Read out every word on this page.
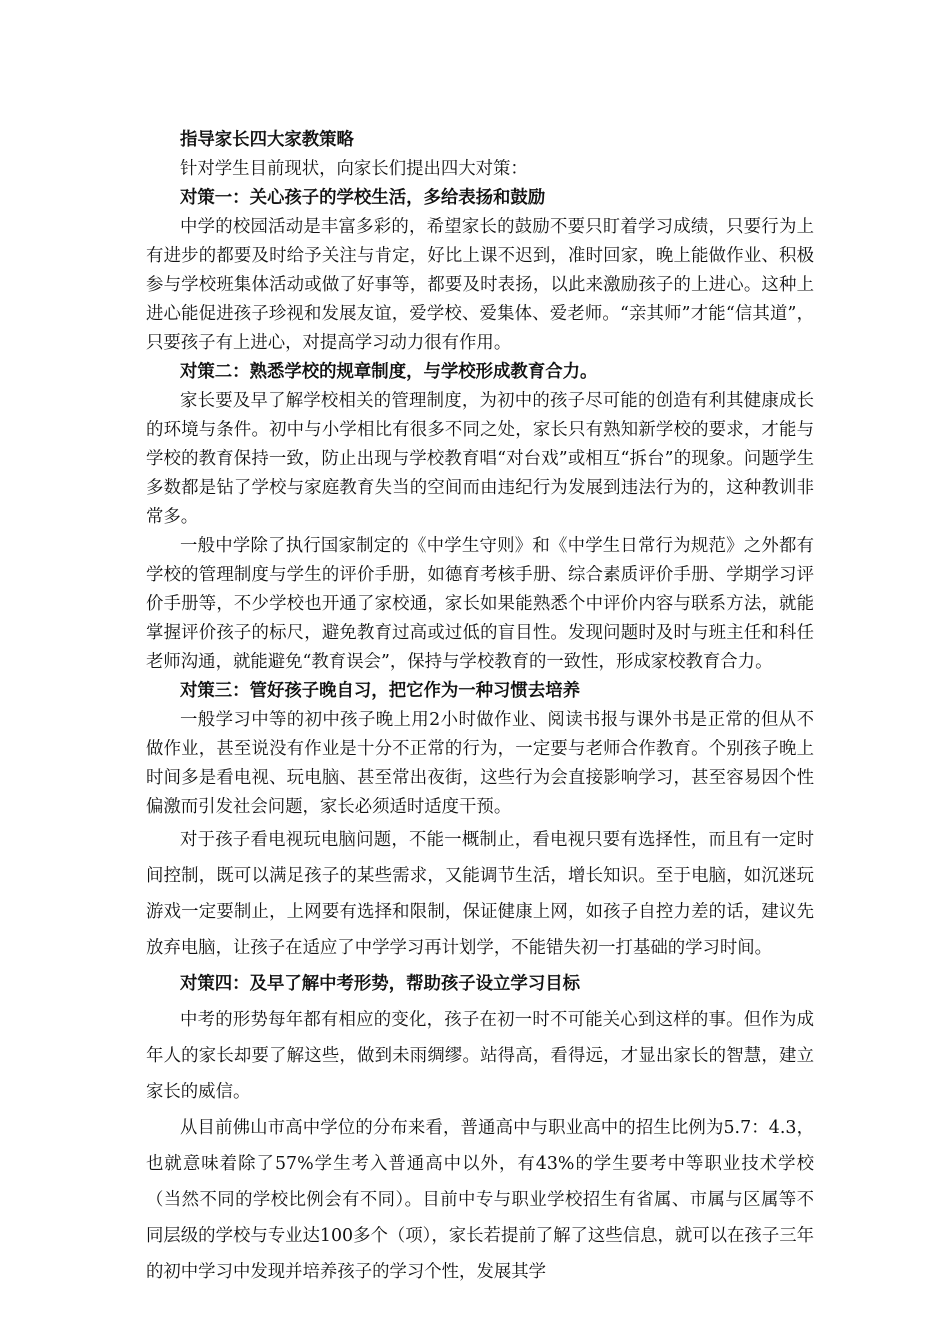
指导家长四大家教策略

针对学生目前现状，向家长们提出四大对策：

对策一：关心孩子的学校生活，多给表扬和鼓励

中学的校园活动是丰富多彩的，希望家长的鼓励不要只盯着学习成绩，只要行为上有进步的都要及时给予关注与肯定，好比上课不迟到，准时回家，晚上能做作业、积极参与学校班集体活动或做了好事等，都要及时表扬，以此来激励孩子的上进心。这种上进心能促进孩子珍视和发展友谊，爱学校、爱集体、爱老师。“亲其师”才能“信其道”，只要孩子有上进心，对提高学习动力很有作用。

对策二：熟悉学校的规章制度，与学校形成教育合力。

家长要及早了解学校相关的管理制度，为初中的孩子尽可能的创造有利其健康成长的环境与条件。初中与小学相比有很多不同之处，家长只有熟知新学校的要求，才能与学校的教育保持一致，防止出现与学校教育唱“对台戏”或相互“拆台”的现象。问题学生多数都是钻了学校与家庭教育失当的空间而由违纪行为发展到违法行为的，这种教训非常多。

一般中学除了执行国家制定的《中学生守则》和《中学生日常行为规范》之外都有学校的管理制度与学生的评价手册，如德育考核手册、综合素质评价手册、学期学习评价手册等，不少学校也开通了家校通，家长如果能熟悉个中评价内容与联系方法，就能掌握评价孩子的标尺，避免教育过高或过低的盲目性。发现问题时及时与班主任和科任老师沟通，就能避免“教育误会”，保持与学校教育的一致性，形成家校教育合力。

对策三：管好孩子晚自习，把它作为一种习惯去培养

一般学习中等的初中孩子晚上用2小时做作业、阅读书报与课外书是正常的但从不做作业，甚至说没有作业是十分不正常的行为，一定要与老师合作教育。个别孩子晚上时间多是看电视、玩电脑、甚至常出夜街，这些行为会直接影响学习，甚至容易因个性偏激而引发社会问题，家长必须适时适度干预。

对于孩子看电视玩电脑问题，不能一概制止，看电视只要有选择性，而且有一定时间控制，既可以满足孩子的某些需求，又能调节生活，增长知识。至于电脑，如沉迷玩游戏一定要制止，上网要有选择和限制，保证健康上网，如孩子自控力差的话，建议先放弃电脑，让孩子在适应了中学学习再计划学，不能错失初一打基础的学习时间。

对策四：及早了解中考形势，帮助孩子设立学习目标

中考的形势每年都有相应的变化，孩子在初一时不可能关心到这样的事。但作为成年人的家长却要了解这些，做到未雨绸缪。站得高，看得远，才显出家长的智慧，建立家长的威信。

从目前佛山市高中学位的分布来看，普通高中与职业高中的招生比例为5.7：4.3，也就意味着除了57%学生考入普通高中以外，有43%的学生要考中等职业技术学校（当然不同的学校比例会有不同）。目前中专与职业学校招生有省属、市属与区属等不同层级的学校与专业达100多个（项），家长若提前了解了这些信息，就可以在孩子三年的初中学习中发现并培养孩子的学习个性，发展其学
